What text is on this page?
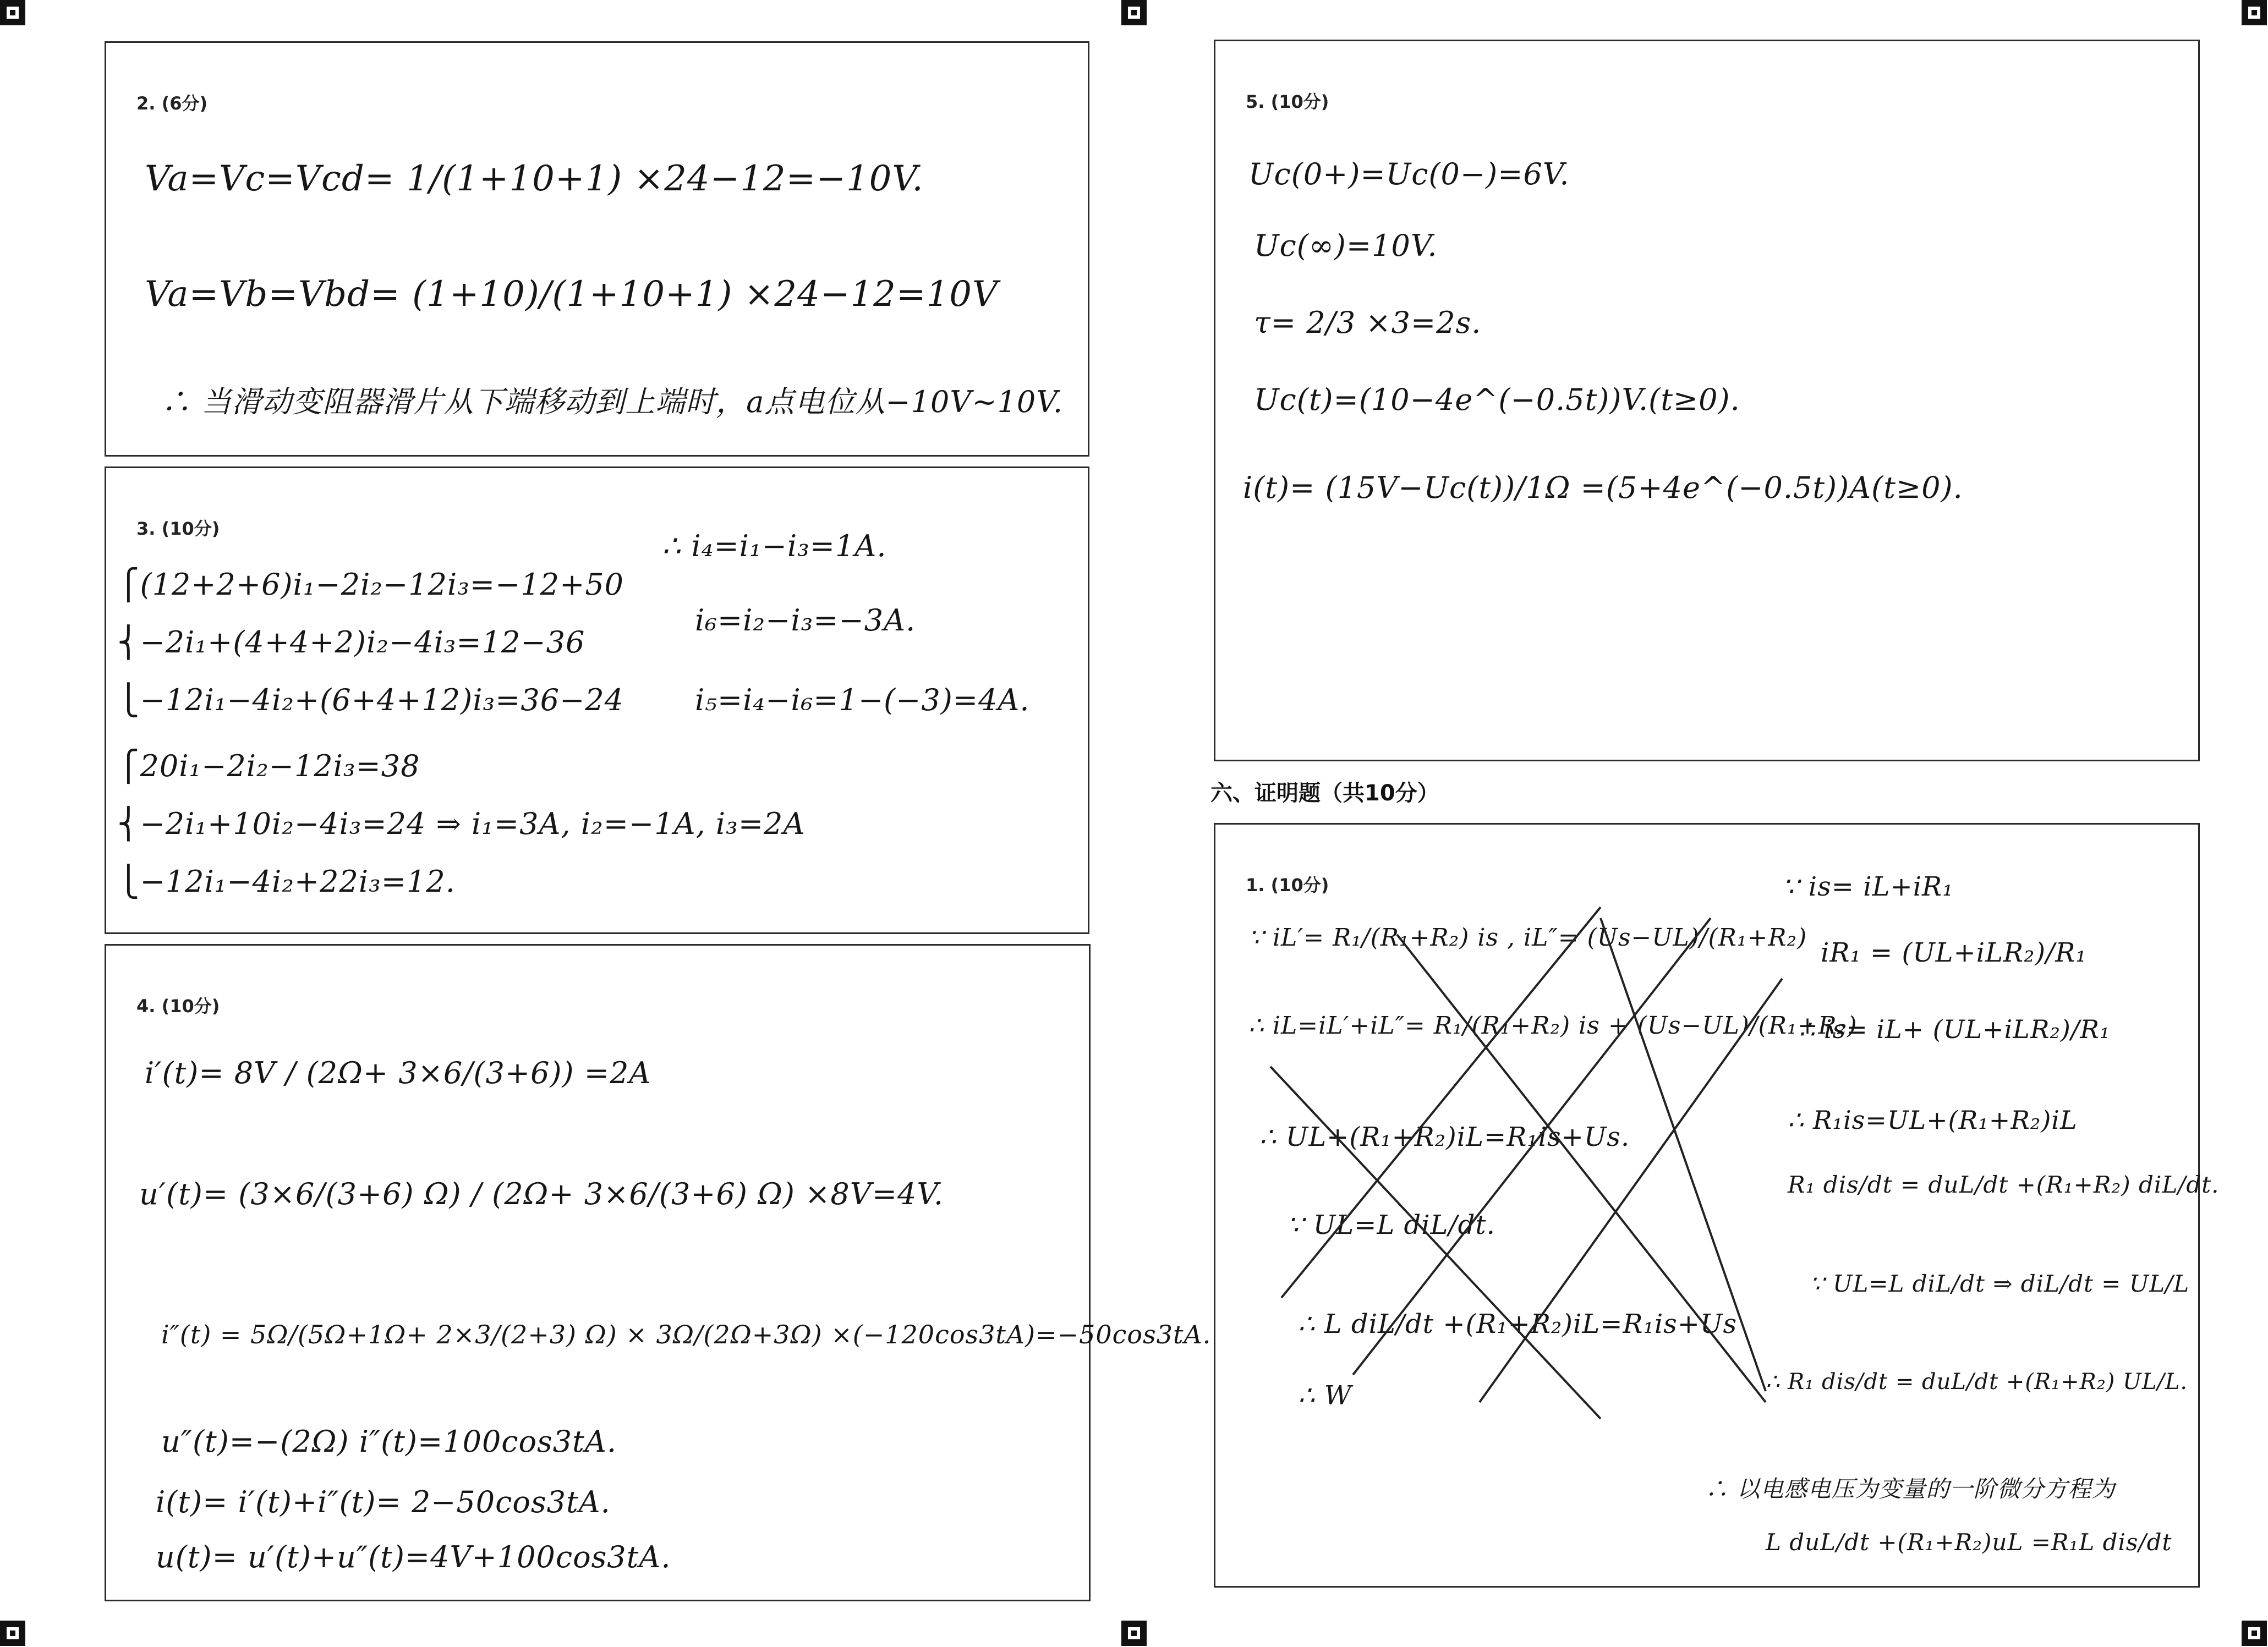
2. (6分)
Va=Vc=Vcd= 1/(1+10+1) ×24−12=−10V.
Va=Vb=Vbd= (1+10)/(1+10+1) ×24−12=10V
∴ 当滑动变阻器滑片从下端移动到上端时，a点电位从−10V~10V.
3. (10分)
⎧(12+2+6)i₁−2i₂−12i₃=−12+50
⎨−2i₁+(4+4+2)i₂−4i₃=12−36
⎩−12i₁−4i₂+(6+4+12)i₃=36−24
⎧20i₁−2i₂−12i₃=38
⎨−2i₁+10i₂−4i₃=24 ⇒ i₁=3A, i₂=−1A, i₃=2A
⎩−12i₁−4i₂+22i₃=12.
∴ i₄=i₁−i₃=1A.
i₆=i₂−i₃=−3A.
i₅=i₄−i₆=1−(−3)=4A.
4. (10分)
i′(t)= 8V / (2Ω+ 3×6/(3+6)) =2A
u′(t)= (3×6/(3+6) Ω) / (2Ω+ 3×6/(3+6) Ω) ×8V=4V.
i″(t) = 5Ω/(5Ω+1Ω+ 2×3/(2+3) Ω) × 3Ω/(2Ω+3Ω) ×(−120cos3tA)=−50cos3tA.
u″(t)=−(2Ω) i″(t)=100cos3tA.
i(t)= i′(t)+i″(t)= 2−50cos3tA.
u(t)= u′(t)+u″(t)=4V+100cos3tA.
5. (10分)
Uc(0+)=Uc(0−)=6V.
Uc(∞)=10V.
τ= 2/3 ×3=2s.
Uc(t)=(10−4e^(−0.5t))V.(t≥0).
i(t)= (15V−Uc(t))/1Ω =(5+4e^(−0.5t))A(t≥0).
六、证明题（共10分）
1. (10分)
∵ iL′= R₁/(R₁+R₂) is , iL″= (Us−UL)/(R₁+R₂)
∴ iL=iL′+iL″= R₁/(R₁+R₂) is + (Us−UL)/(R₁+R₂)
∴ UL+(R₁+R₂)iL=R₁is+Us.
∵ UL=L diL/dt.
∴ L diL/dt +(R₁+R₂)iL=R₁is+Us
∴ W
∵ is= iL+iR₁
iR₁ = (UL+iLR₂)/R₁
∴ is= iL+ (UL+iLR₂)/R₁
∴ R₁is=UL+(R₁+R₂)iL
R₁ dis/dt = duL/dt +(R₁+R₂) diL/dt.
∵ UL=L diL/dt ⇒ diL/dt = UL/L
∴ R₁ dis/dt = duL/dt +(R₁+R₂) UL/L.
∴ 以电感电压为变量的一阶微分方程为
L duL/dt +(R₁+R₂)uL =R₁L dis/dt
